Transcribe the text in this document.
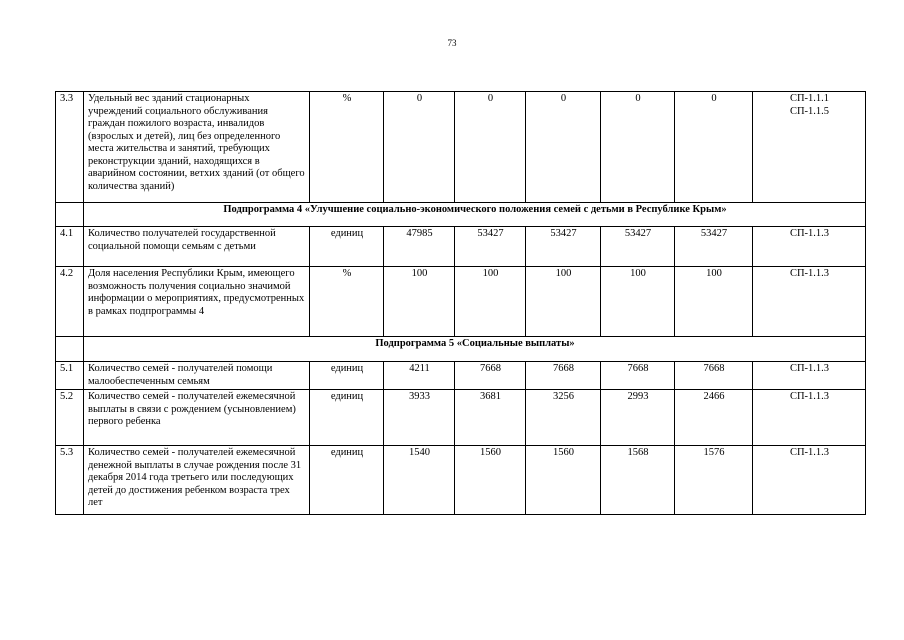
73
3.3	Удельный вес зданий стационарных учреждений социального обслуживания граждан пожилого возраста, инвалидов (взрослых и детей), лиц без определенного места жительства и занятий, требующих реконструкции зданий, находящихся в аварийном состоянии, ветхих зданий (от общего количества зданий)	%	0	0	0	0	0	СП-1.1.1
СП-1.1.5
	Подпрограмма 4 «Улучшение социально-экономического положения семей с детьми в Республике Крым»							
4.1	Количество получателей государственной социальной помощи семьям с детьми	единиц	47985	53427	53427	53427	53427	СП-1.1.3
4.2	Доля населения Республики Крым, имеющего возможность получения социально значимой информации о мероприятиях, предусмотренных в рамках подпрограммы 4	%	100	100	100	100	100	СП-1.1.3
	Подпрограмма 5 «Социальные выплаты»							
5.1	Количество семей - получателей помощи малообеспеченным семьям	единиц	4211	7668	7668	7668	7668	СП-1.1.3
5.2	Количество семей - получателей ежемесячной выплаты в связи с рождением (усыновлением) первого ребенка	единиц	3933	3681	3256	2993	2466	СП-1.1.3
5.3	Количество семей - получателей ежемесячной денежной выплаты в случае рождения после 31 декабря 2014 года третьего или последующих детей до достижения ребенком возраста трех лет	единиц	1540	1560	1560	1568	1576	СП-1.1.3
